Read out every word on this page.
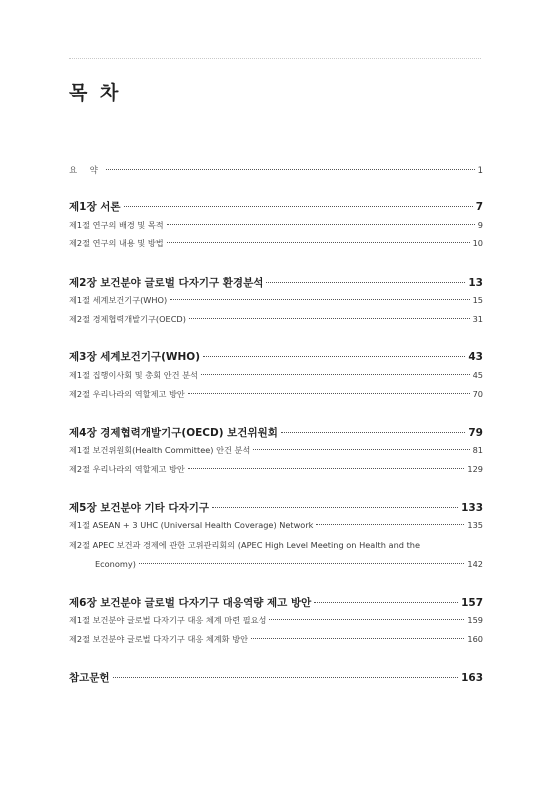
목 차
요 약	1
제1장 서론	7
제1절 연구의 배경 및 목적	9
제2절 연구의 내용 및 방법	10
제2장 보건분야 글로벌 다자기구 환경분석	13
제1절 세계보건기구(WHO)	15
제2절 경제협력개발기구(OECD)	31
제3장 세계보건기구(WHO)	43
제1절 집행이사회 및 총회 안건 분석	45
제2절 우리나라의 역할제고 방안	70
제4장 경제협력개발기구(OECD) 보건위원회	79
제1절 보건위원회(Health Committee) 안건 분석	81
제2절 우리나라의 역할제고 방안	129
제5장 보건분야 기타 다자기구	133
제1절 ASEAN + 3 UHC (Universal Health Coverage) Network	135
제2절 APEC 보건과 경제에 관한 고위관리회의 (APEC High Level Meeting on Health and the
Economy)	142
제6장 보건분야 글로벌 다자기구 대응역량 제고 방안	157
제1절 보건분야 글로벌 다자기구 대응 체계 마련 필요성	159
제2절 보건분야 글로벌 다자기구 대응 체계화 방안	160
참고문헌	163
